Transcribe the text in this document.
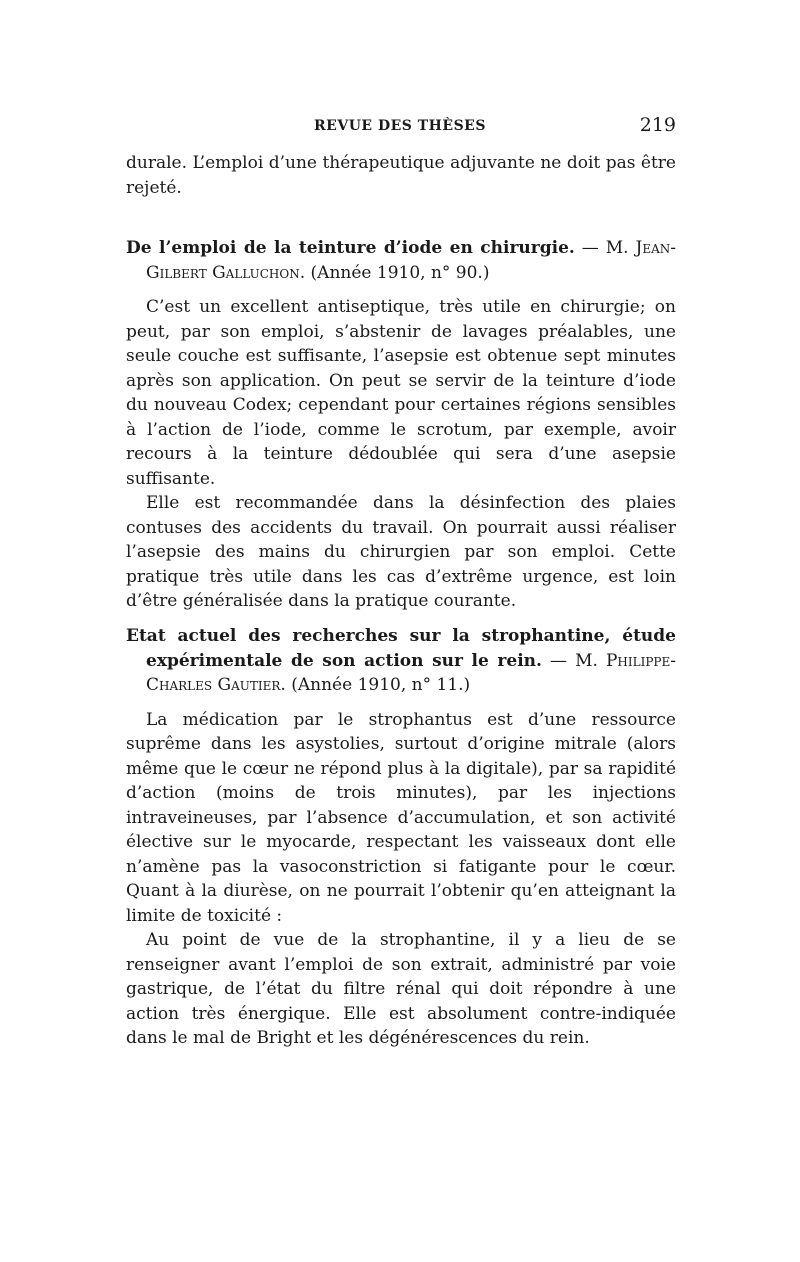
REVUE DES THÈSES	219

durale. L’emploi d’une thérapeutique adjuvante ne doit pas être rejeté.

De l’emploi de la teinture d’iode en chirurgie. — M. Jean-Gilbert Galluchon. (Année 1910, n° 90.)

C’est un excellent antiseptique, très utile en chirurgie; on peut, par son emploi, s’abstenir de lavages préalables, une seule couche est suffisante, l’asepsie est obtenue sept minutes après son application. On peut se servir de la teinture d’iode du nouveau Codex; cependant pour certaines régions sensibles à l’action de l’iode, comme le scrotum, par exemple, avoir recours à la teinture dédoublée qui sera d’une asepsie suffisante.

Elle est recommandée dans la désinfection des plaies contuses des accidents du travail. On pourrait aussi réaliser l’asepsie des mains du chirurgien par son emploi. Cette pratique très utile dans les cas d’extrême urgence, est loin d’être généralisée dans la pratique courante.

Etat actuel des recherches sur la strophantine, étude expérimentale de son action sur le rein. — M. Philippe-Charles Gautier. (Année 1910, n° 11.)

La médication par le strophantus est d’une ressource suprême dans les asystolies, surtout d’origine mitrale (alors même que le cœur ne répond plus à la digitale), par sa rapidité d’action (moins de trois minutes), par les injections intraveineuses, par l’absence d’accumulation, et son activité élective sur le myocarde, respectant les vaisseaux dont elle n’amène pas la vasoconstriction si fatigante pour le cœur. Quant à la diurèse, on ne pourrait l’obtenir qu’en atteignant la limite de toxicité :

Au point de vue de la strophantine, il y a lieu de se renseigner avant l’emploi de son extrait, administré par voie gastrique, de l’état du filtre rénal qui doit répondre à une action très énergique. Elle est absolument contre-indiquée dans le mal de Bright et les dégénérescences du rein.
